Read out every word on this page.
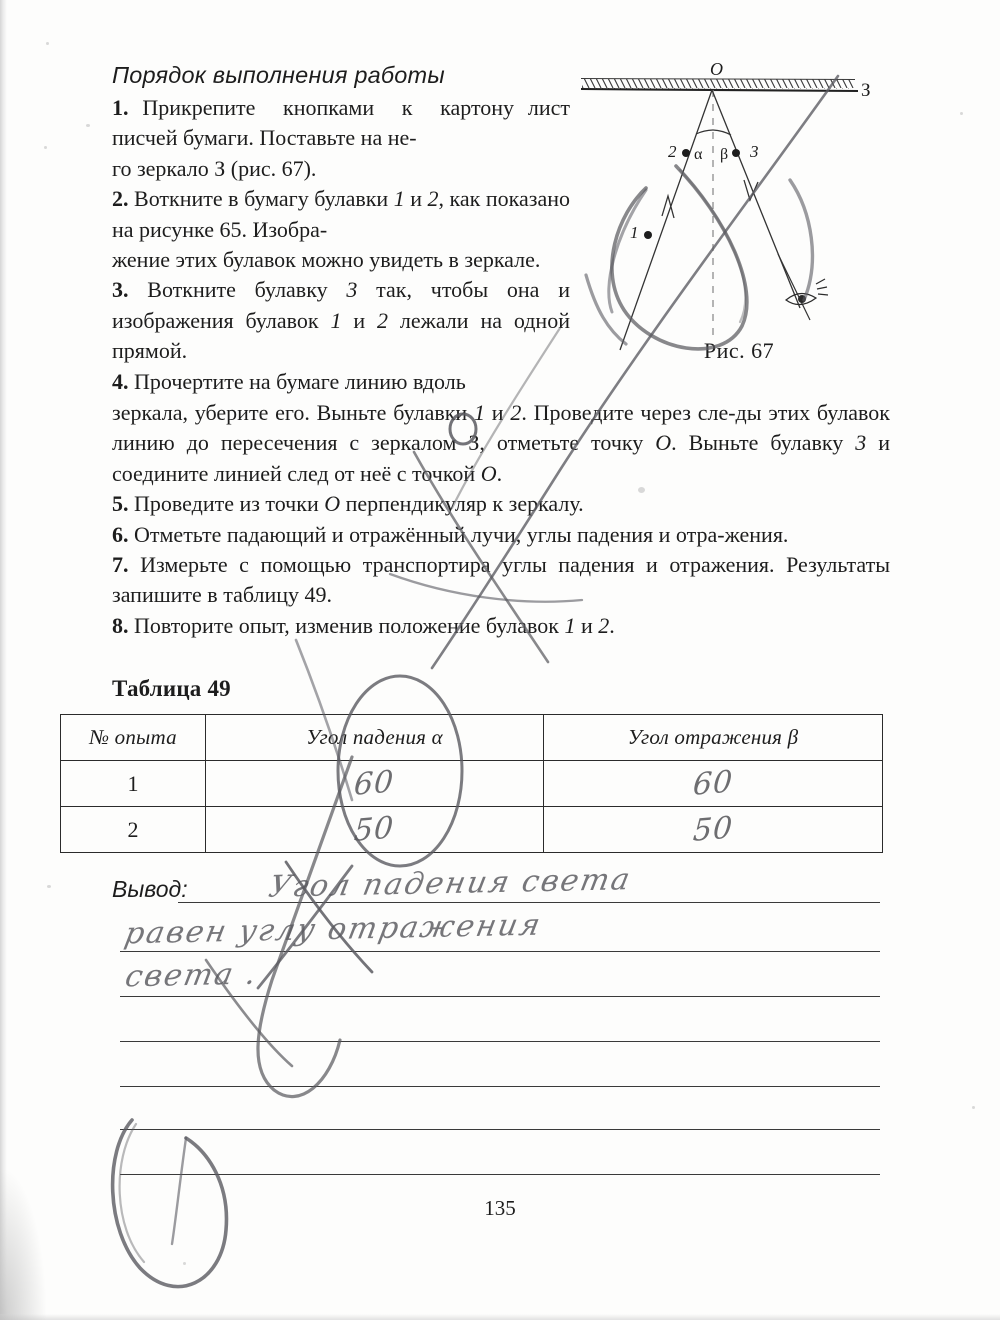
Порядок выполнения работы

1. Прикрепите  кнопками  к  картону лист писчей бумаги. Поставьте на не‑
го зеркало З (рис. 67).

2. Воткните в бумагу булавки 1 и 2, как показано на рисунке 65. Изобра‑
жение этих булавок можно увидеть в зеркале.

3. Воткните булавку 3 так, чтобы она и изображения булавок 1 и 2 лежали на одной прямой.

4. Прочертите на бумаге линию вдоль

зеркала, уберите его. Выньте булавки 1 и 2. Проведите через сле‑ды этих булавок линию до пересечения с зеркалом З, отметьте точку О. Выньте булавку 3 и соедините линией след от неё с точкой О.

5. Проведите из точки О перпендикуляр к зеркалу.

6. Отметьте падающий и отражённый лучи, углы падения и отра‑жения.

7. Измерьте с помощью транспортира углы падения и отражения. Результаты запишите в таблицу 49.

8. Повторите опыт, изменив положение булавок 1 и 2.

O
З
α β
2	3
1
Рис. 67
Таблица 49
№ опыта	Угол падения α	Угол отражения β
1	60	60
2	50	50
Вывод:	Угол падения света
равен углу отражения
света .
135
